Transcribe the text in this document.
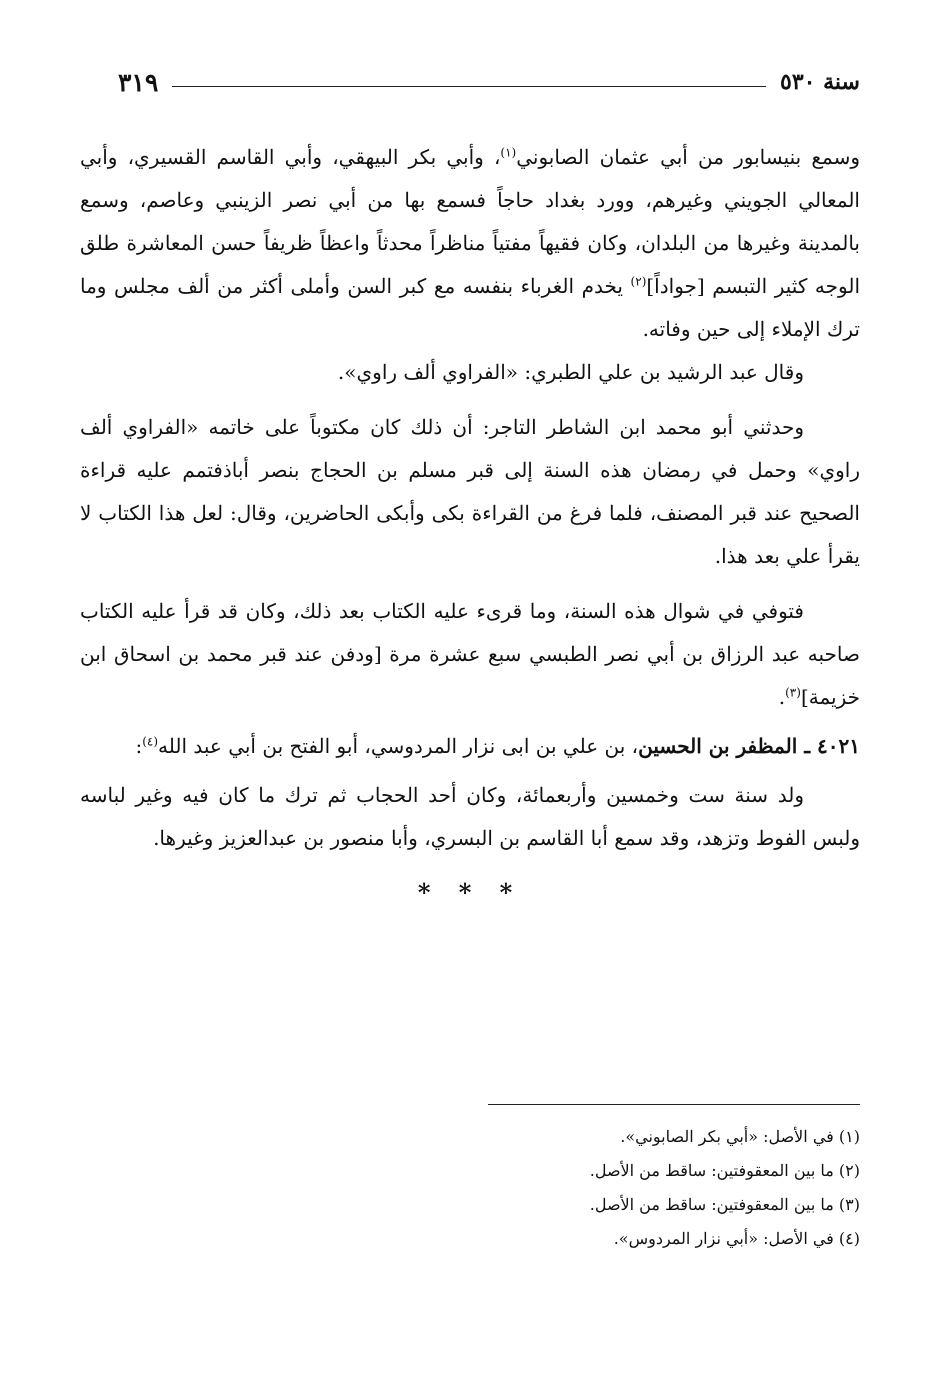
سنة ٥٣٠
٣١٩

وسمع بنيسابور من أبي عثمان الصابوني$^{(١)}$، وأبي بكر البيهقي، وأبي القاسم القسيري، وأبي المعالي الجويني وغيرهم، وورد بغداد حاجاً فسمع بها من أبي نصر الزينبي وعاصم، وسمع بالمدينة وغيرها من البلدان، وكان فقيهاً مفتياً مناظراً محدثاً واعظاً ظريفاً حسن المعاشرة طلق الوجه كثير التبسم [جواداً]$^{(٢)}$ يخدم الغرباء بنفسه مع كبر السن وأملى أكثر من ألف مجلس وما ترك الإملاء إلى حين وفاته.

وقال عبد الرشيد بن علي الطبري: «الفراوي ألف راوي».

وحدثني أبو محمد ابن الشاطر التاجر: أن ذلك كان مكتوباً على خاتمه «الفراوي ألف راوي» وحمل في رمضان هذه السنة إلى قبر مسلم بن الحجاج بنصر أباذفتمم عليه قراءة الصحيح عند قبر المصنف، فلما فرغ من القراءة بكى وأبكى الحاضرين، وقال: لعل هذا الكتاب لا يقرأ علي بعد هذا.

فتوفي في شوال هذه السنة، وما قرىء عليه الكتاب بعد ذلك، وكان قد قرأ عليه الكتاب صاحبه عبد الرزاق بن أبي نصر الطبسي سبع عشرة مرة [ودفن عند قبر محمد بن اسحاق ابن خزيمة]$^{(٣)}$.

٤٠٢١ ـ المظفر بن الحسين، بن علي بن ابى نزار المردوسي، أبو الفتح بن أبي عبد الله$^{(٤)}$:

ولد سنة ست وخمسين وأربعمائة، وكان أحد الحجاب ثم ترك ما كان فيه وغير لباسه ولبس الفوط وتزهد، وقد سمع أبا القاسم بن البسري، وأبا منصور بن عبدالعزيز وغيرها.

* * *

(١) في الأصل: «أبي بكر الصابوني».

(٢) ما بين المعقوفتين: ساقط من الأصل.

(٣) ما بين المعقوفتين: ساقط من الأصل.

(٤) في الأصل: «أبي نزار المردوس».
